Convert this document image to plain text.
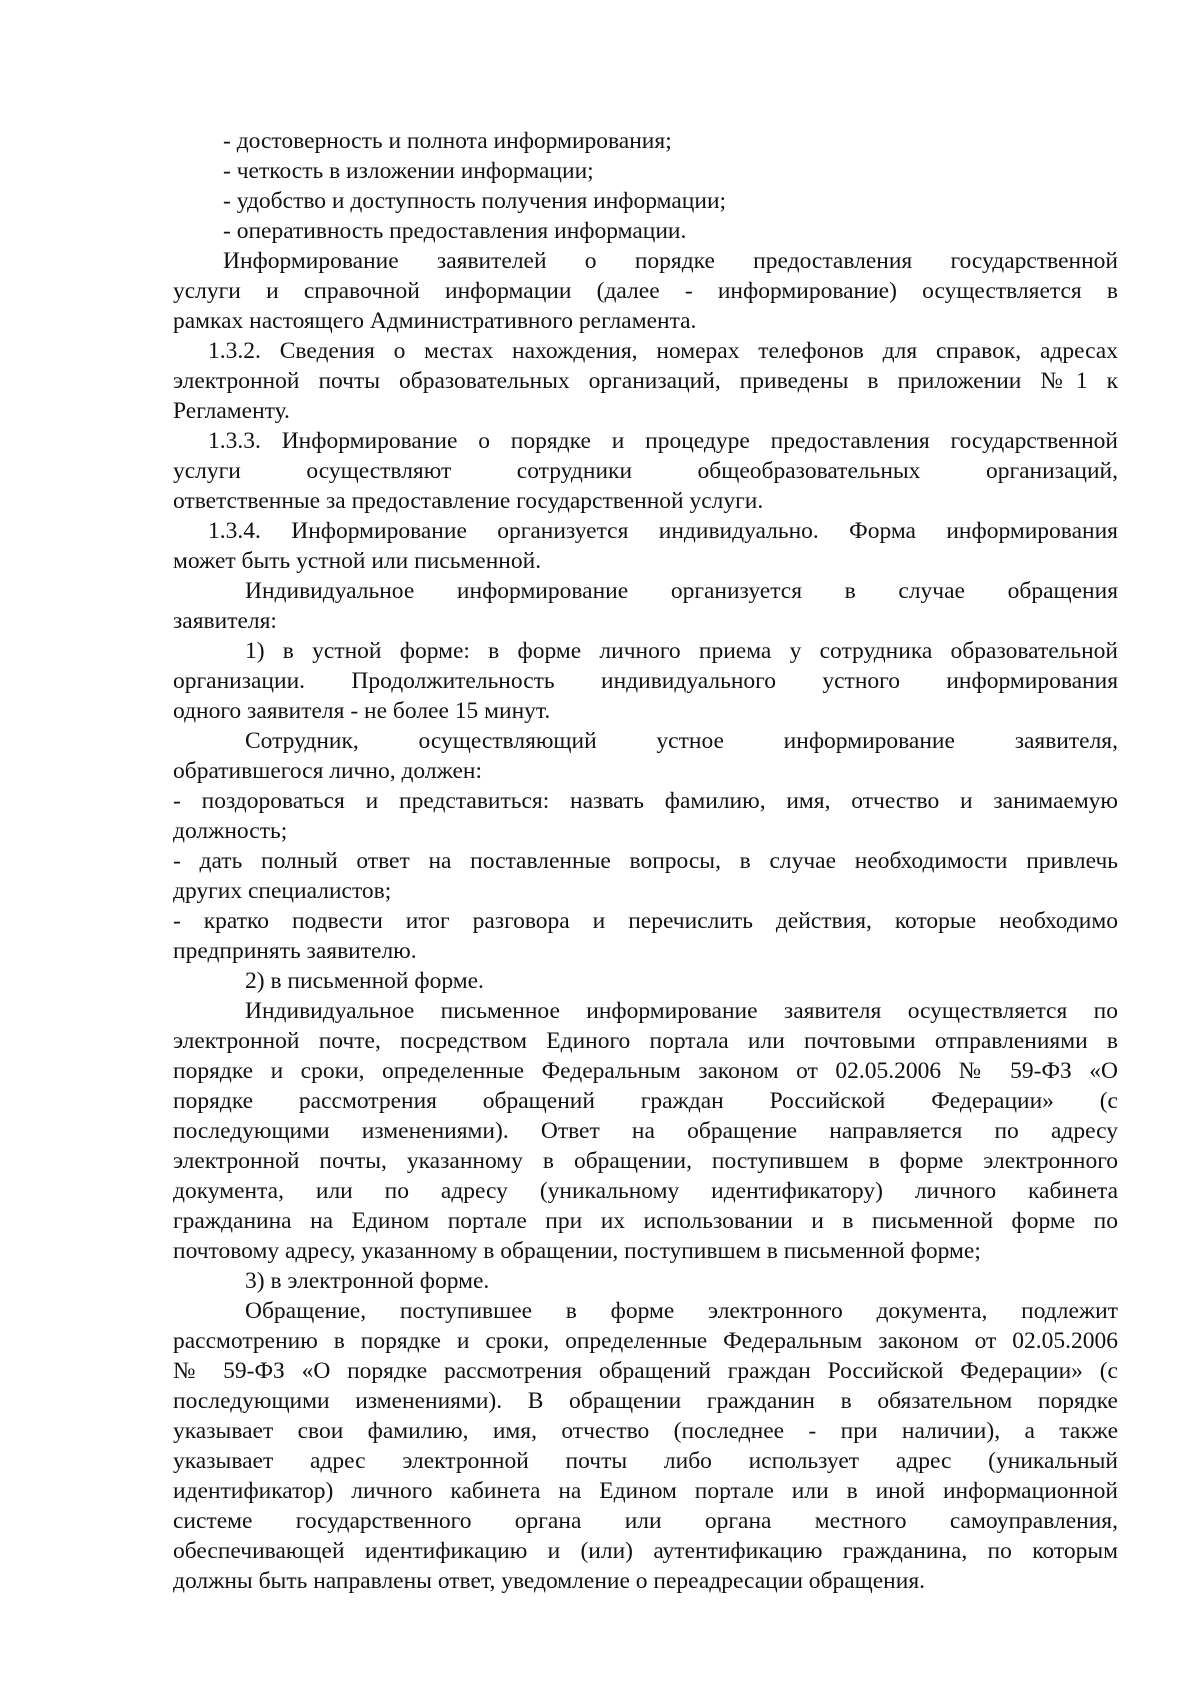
- достоверность и полнота информирования;
- четкость в изложении информации;
- удобство и доступность получения информации;
- оперативность предоставления информации.
Информирование заявителей о порядке предоставления государственной
услуги и справочной информации (далее - информирование) осуществляется в
рамках настоящего Административного регламента.
1.3.2. Сведения о местах нахождения, номерах телефонов для справок, адресах
электронной почты образовательных организаций, приведены в приложении №1 к
Регламенту.
1.3.3. Информирование о порядке и процедуре предоставления государственной
услуги осуществляют сотрудники общеобразовательных организаций,
ответственные за предоставление государственной услуги.
1.3.4. Информирование организуется индивидуально. Форма информирования
может быть устной или письменной.
Индивидуальное информирование организуется в случае обращения
заявителя:
1) в устной форме: в форме личного приема у сотрудника образовательной
организации. Продолжительность индивидуального устного информирования
одного заявителя - не более 15 минут.
Сотрудник, осуществляющий устное информирование заявителя,
обратившегося лично, должен:
- поздороваться и представиться: назвать фамилию, имя, отчество и занимаемую
должность;
- дать полный ответ на поставленные вопросы, в случае необходимости привлечь
других специалистов;
- кратко подвести итог разговора и перечислить действия, которые необходимо
предпринять заявителю.
2) в письменной форме.
Индивидуальное письменное информирование заявителя осуществляется по
электронной почте, посредством Единого портала или почтовыми отправлениями в
порядке и сроки, определенные Федеральным законом от 02.05.2006 № 59-ФЗ «О
порядке рассмотрения обращений граждан Российской Федерации» (с
последующими изменениями). Ответ на обращение направляется по адресу
электронной почты, указанному в обращении, поступившем в форме электронного
документа, или по адресу (уникальному идентификатору) личного кабинета
гражданина на Едином портале при их использовании и в письменной форме по
почтовому адресу, указанному в обращении, поступившем в письменной форме;
3) в электронной форме.
Обращение, поступившее в форме электронного документа, подлежит
рассмотрению в порядке и сроки, определенные Федеральным законом от 02.05.2006
№ 59-ФЗ «О порядке рассмотрения обращений граждан Российской Федерации» (с
последующими изменениями). В обращении гражданин в обязательном порядке
указывает свои фамилию, имя, отчество (последнее - при наличии), а также
указывает адрес электронной почты либо использует адрес (уникальный
идентификатор) личного кабинета на Едином портале или в иной информационной
системе государственного органа или органа местного самоуправления,
обеспечивающей идентификацию и (или) аутентификацию гражданина, по которым
должны быть направлены ответ, уведомление о переадресации обращения.
